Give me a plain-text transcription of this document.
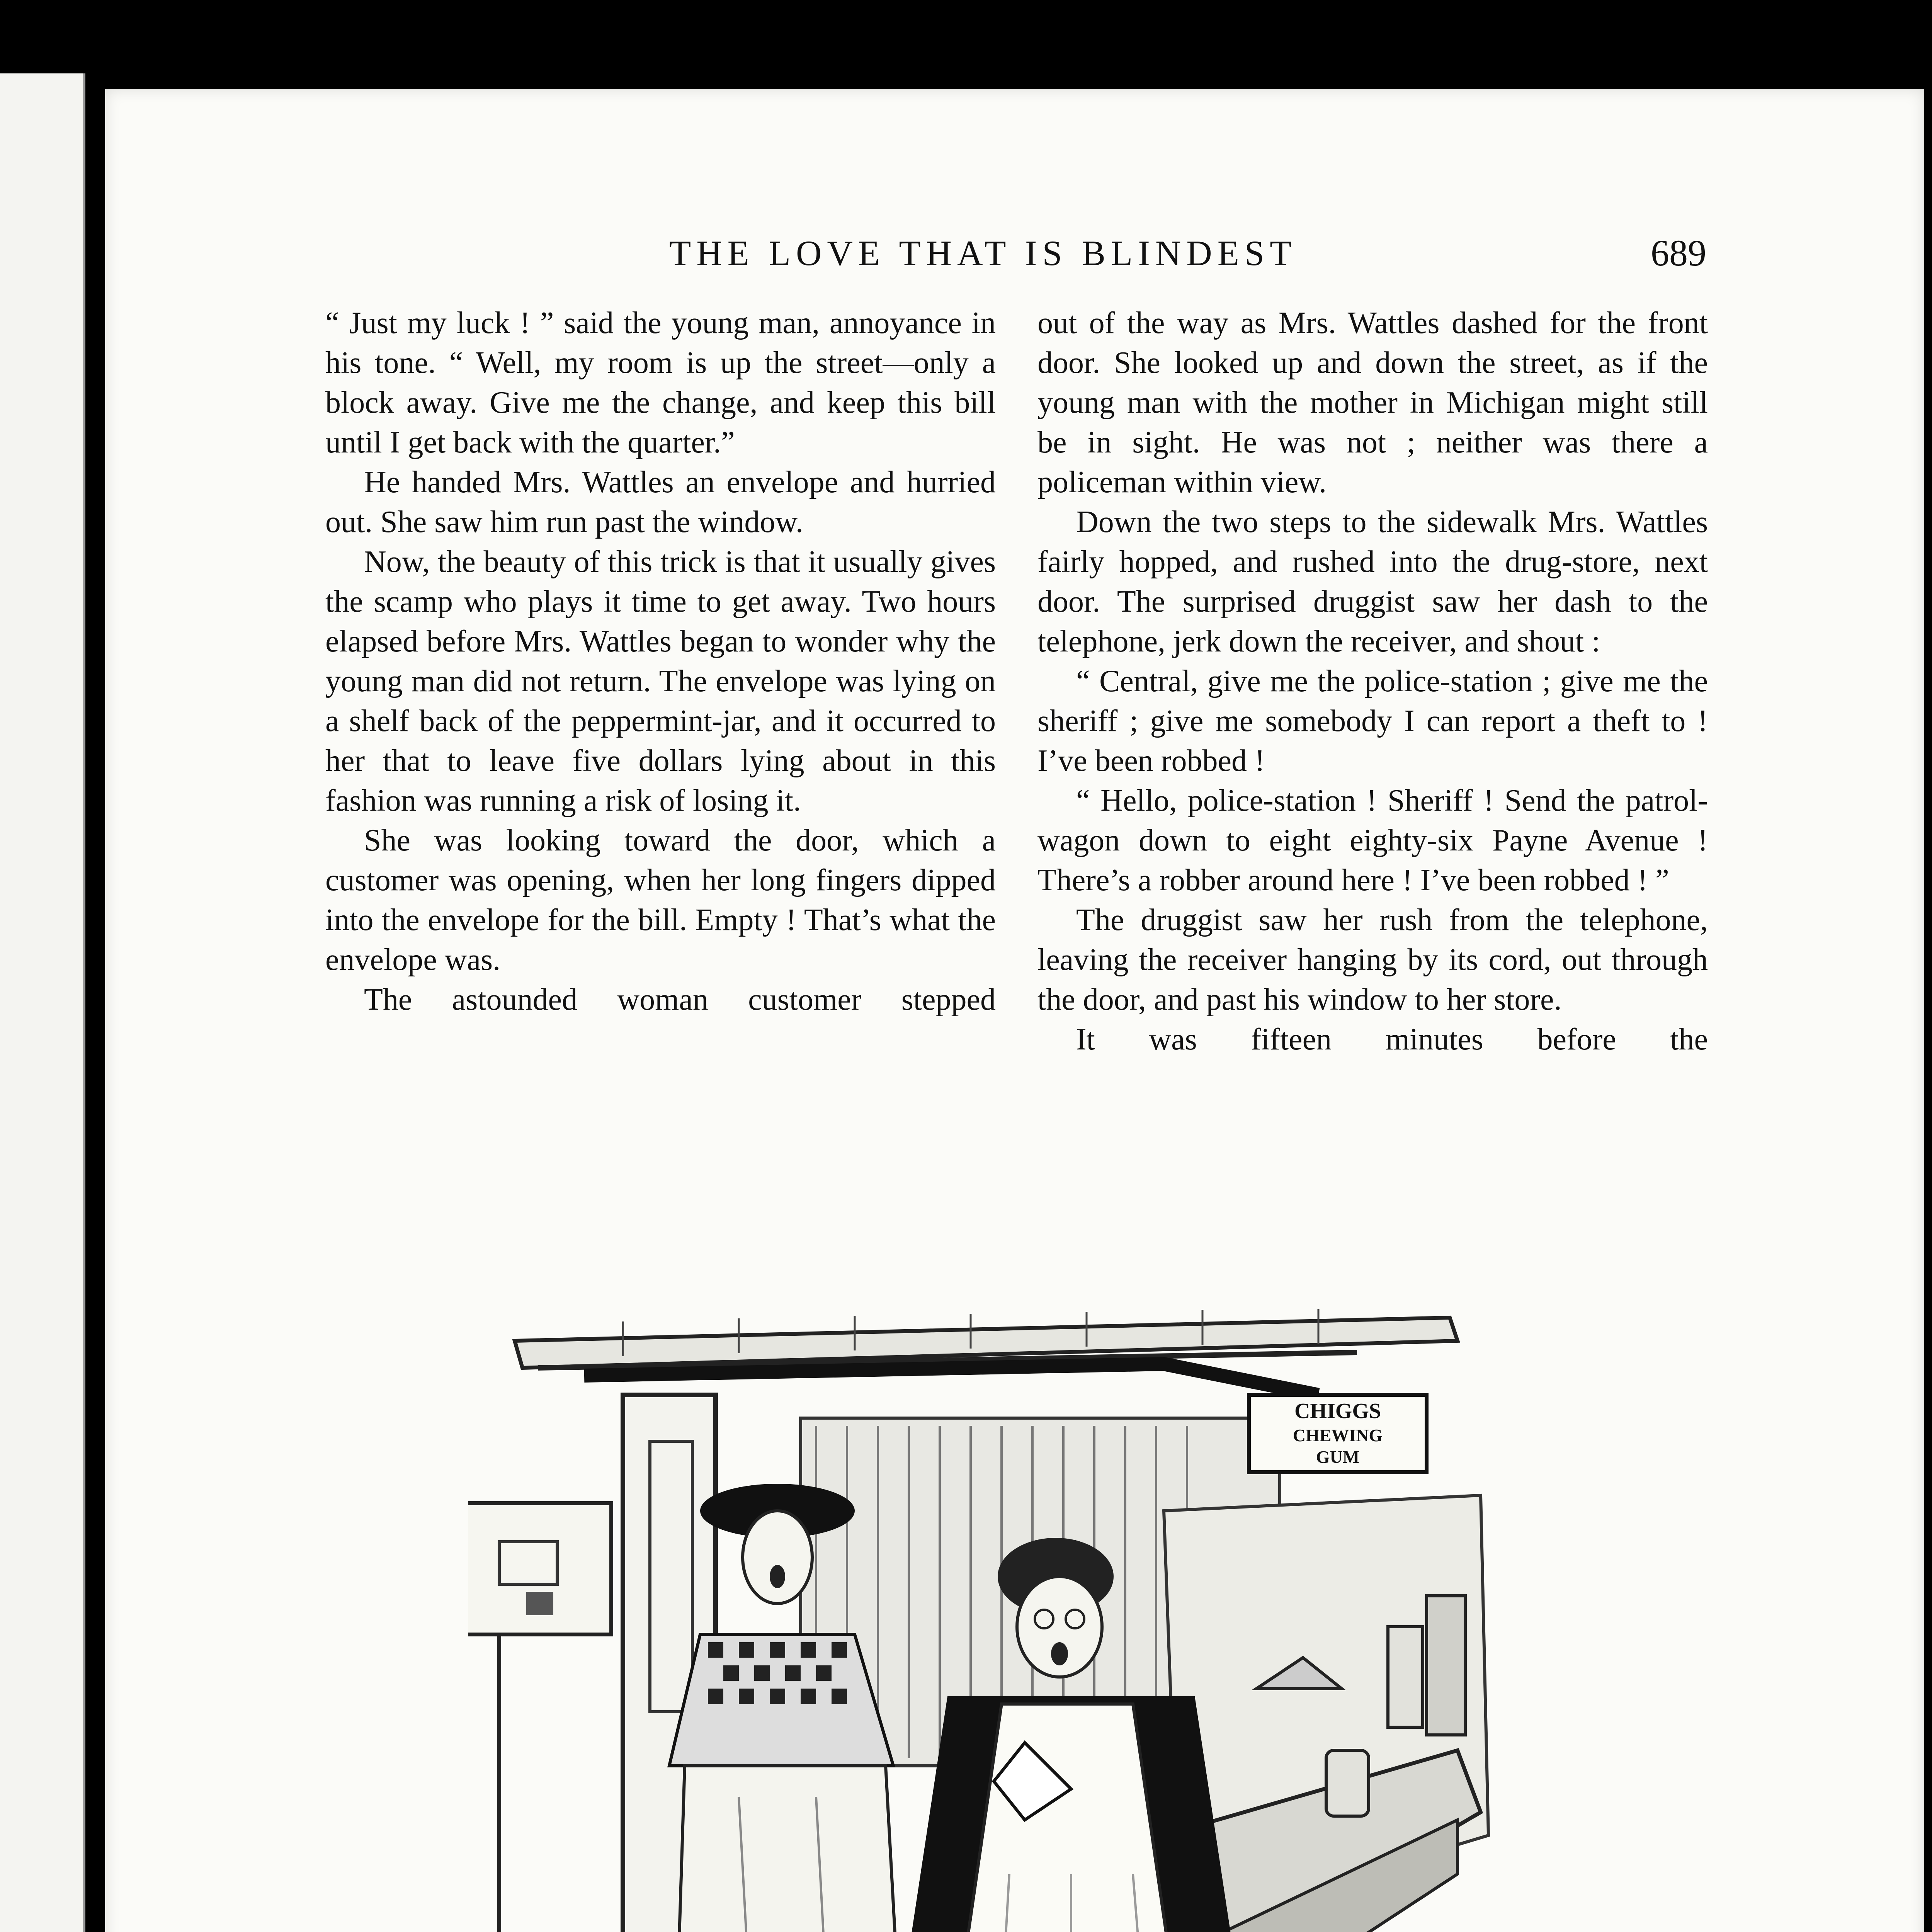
THE LOVE THAT IS BLINDEST	689

“ Just my luck ! ” said the young man, annoyance in his tone. “ Well, my room is up the street—only a block away. Give me the change, and keep this bill until I get back with the quarter.”

He handed Mrs. Wattles an envelope and hurried out. She saw him run past the window.

Now, the beauty of this trick is that it usually gives the scamp who plays it time to get away. Two hours elapsed before Mrs. Wattles began to wonder why the young man did not return. The envelope was lying on a shelf back of the peppermint-jar, and it occurred to her that to leave five dollars lying about in this fashion was running a risk of losing it.

She was looking toward the door, which a customer was opening, when her long fingers dipped into the envelope for the bill. Empty ! That’s what the envelope was.

The astounded woman customer stepped

out of the way as Mrs. Wattles dashed for the front door. She looked up and down the street, as if the young man with the mother in Michigan might still be in sight. He was not ; neither was there a policeman within view.

Down the two steps to the sidewalk Mrs. Wattles fairly hopped, and rushed into the drug-store, next door. The surprised druggist saw her dash to the telephone, jerk down the receiver, and shout :

“ Central, give me the police-station ; give me the sheriff ; give me somebody I can report a theft to ! I’ve been robbed !

“ Hello, police-station ! Sheriff ! Send the patrol-wagon down to eight eighty-six Payne Avenue ! There’s a robber around here ! I’ve been robbed ! ”

The druggist saw her rush from the telephone, leaving the receiver hanging by its cord, out through the door, and past his window to her store.

It was fifteen minutes before the

CHIGGS
CHEWING
GUM
